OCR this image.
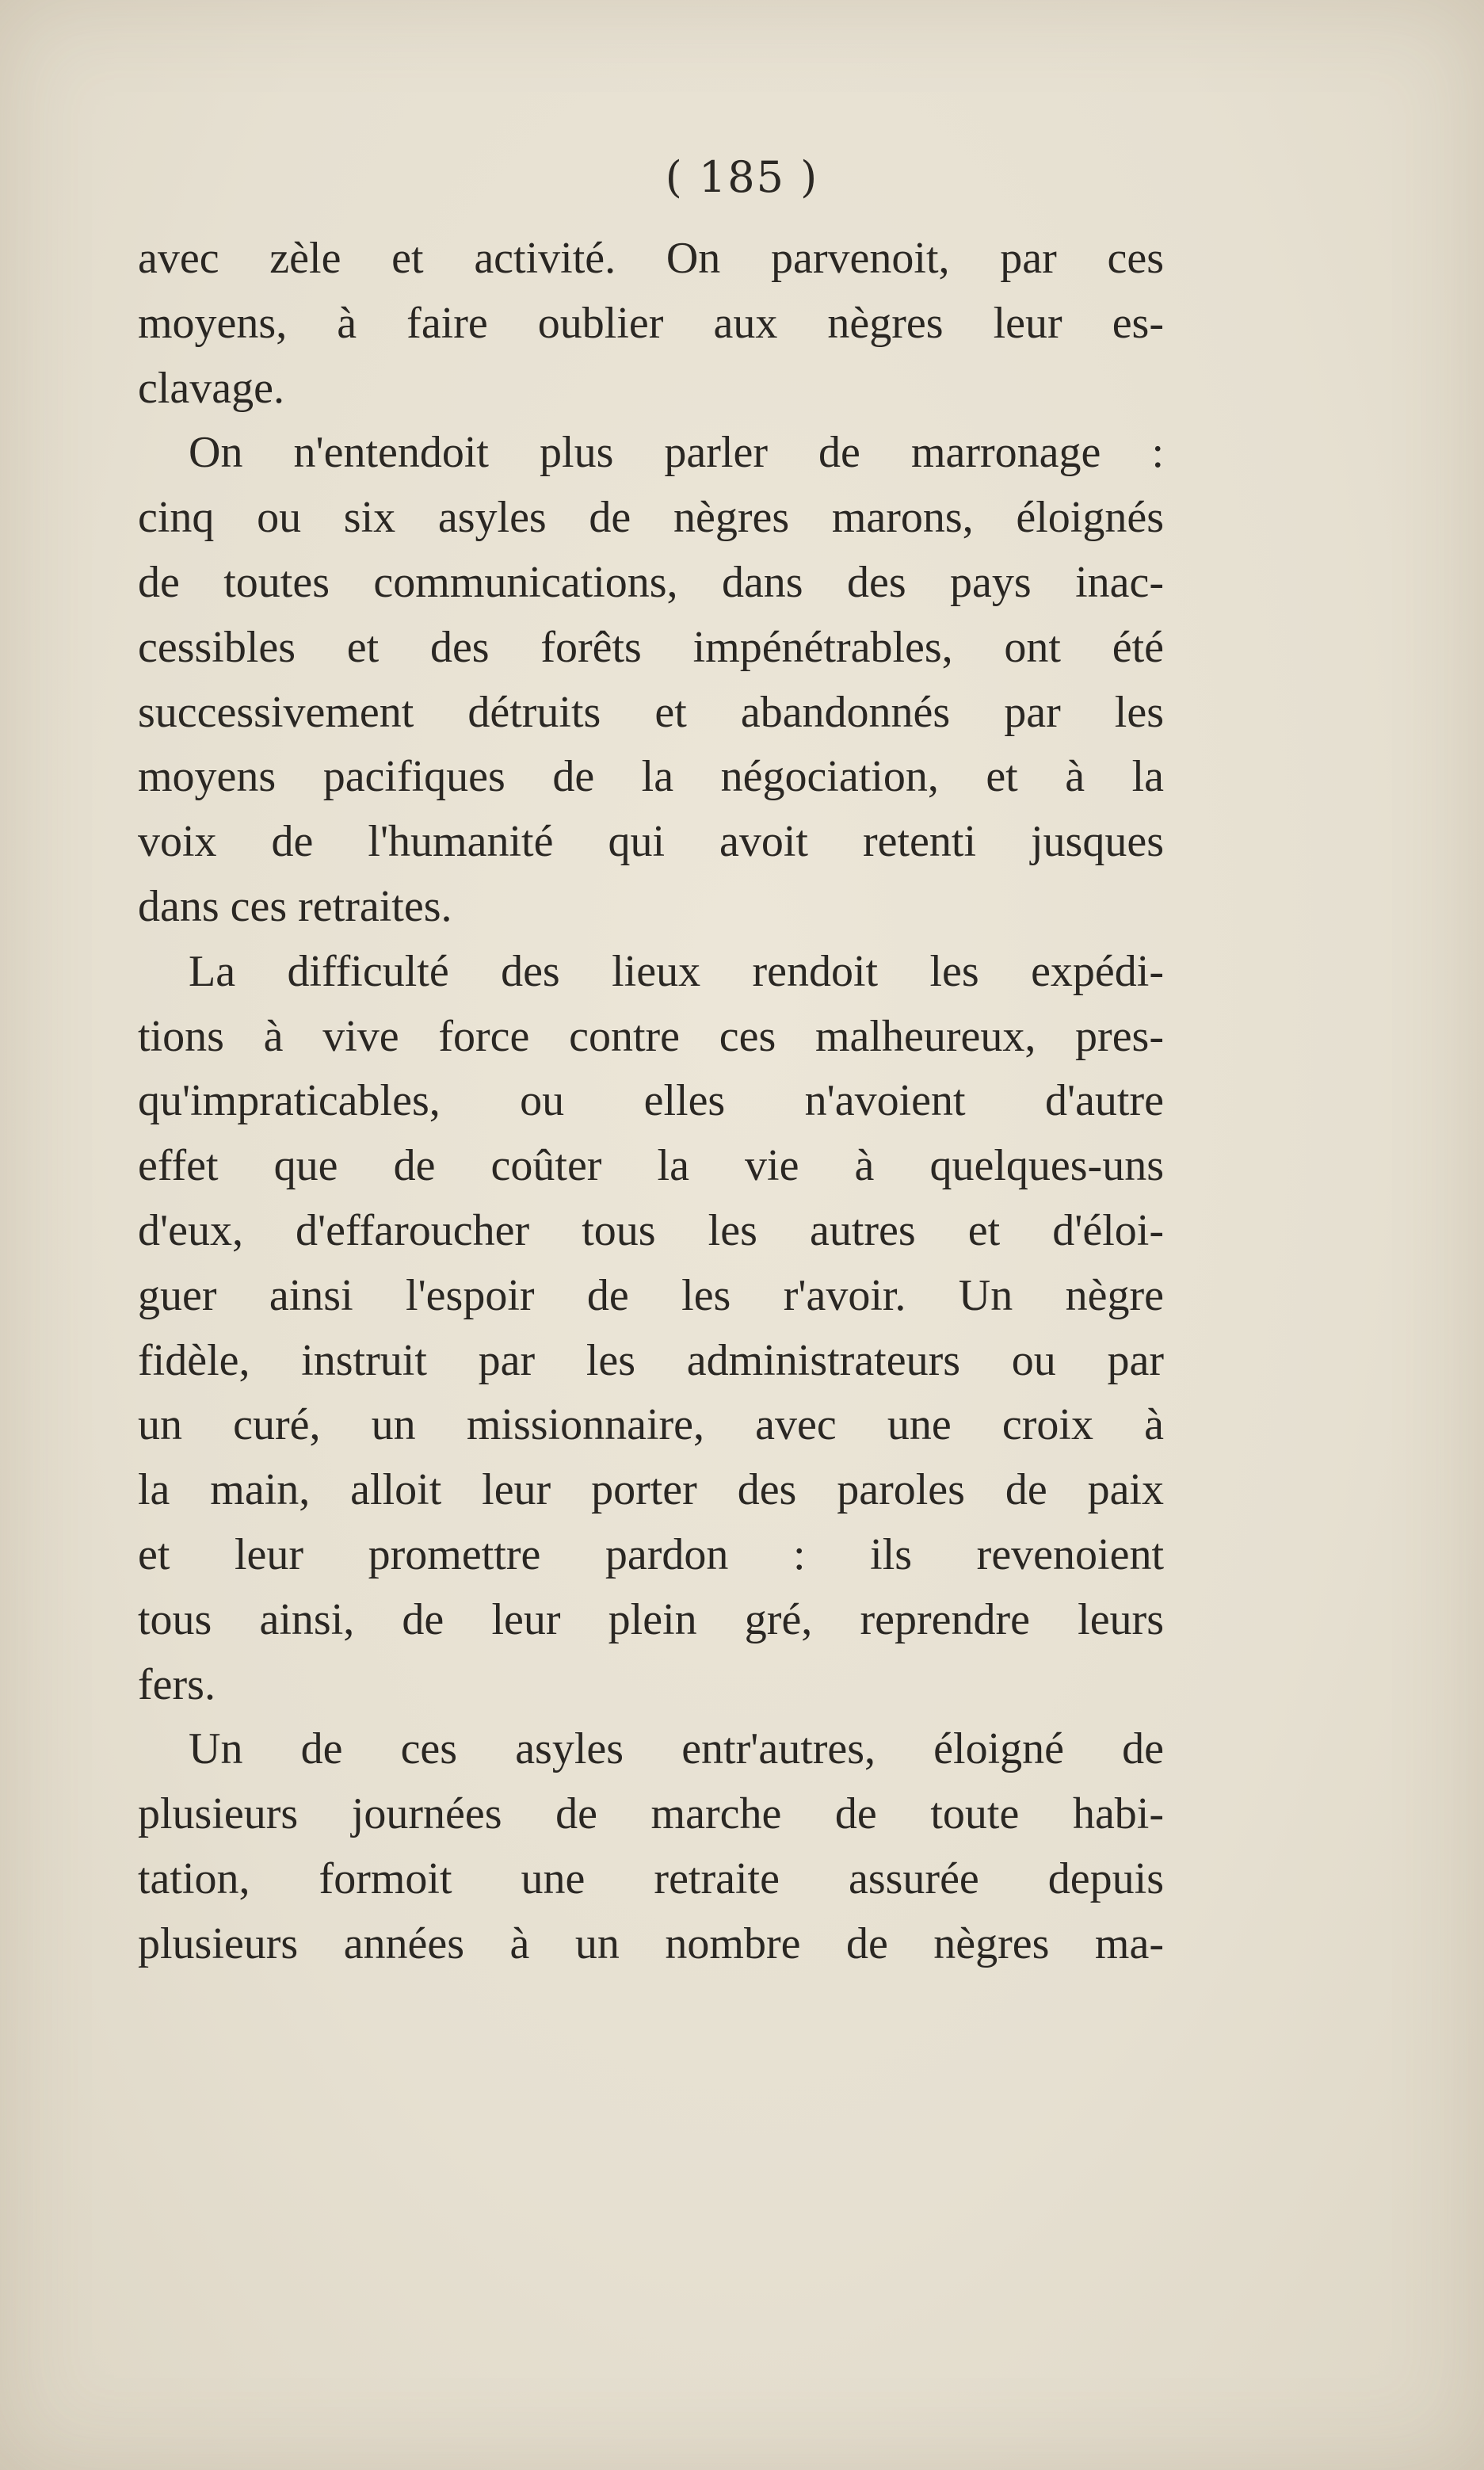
( 185 )
avec zèle et activité. On parvenoit, par ces
moyens, à faire oublier aux nègres leur es-
clavage.
On n'entendoit plus parler de marronage :
cinq ou six asyles de nègres marons, éloignés
de toutes communications, dans des pays inac-
cessibles et des forêts impénétrables, ont été
successivement détruits et abandonnés par les
moyens pacifiques de la négociation, et à la
voix de l'humanité qui avoit retenti jusques
dans ces retraites.
La difficulté des lieux rendoit les expédi-
tions à vive force contre ces malheureux, pres-
qu'impraticables, ou elles n'avoient d'autre
effet que de coûter la vie à quelques-uns
d'eux, d'effaroucher tous les autres et d'éloi-
guer ainsi l'espoir de les r'avoir. Un nègre
fidèle, instruit par les administrateurs ou par
un curé, un missionnaire, avec une croix à
la main, alloit leur porter des paroles de paix
et leur promettre pardon : ils revenoient
tous ainsi, de leur plein gré, reprendre leurs
fers.
Un de ces asyles entr'autres, éloigné de
plusieurs journées de marche de toute habi-
tation, formoit une retraite assurée depuis
plusieurs années à un nombre de nègres ma-
